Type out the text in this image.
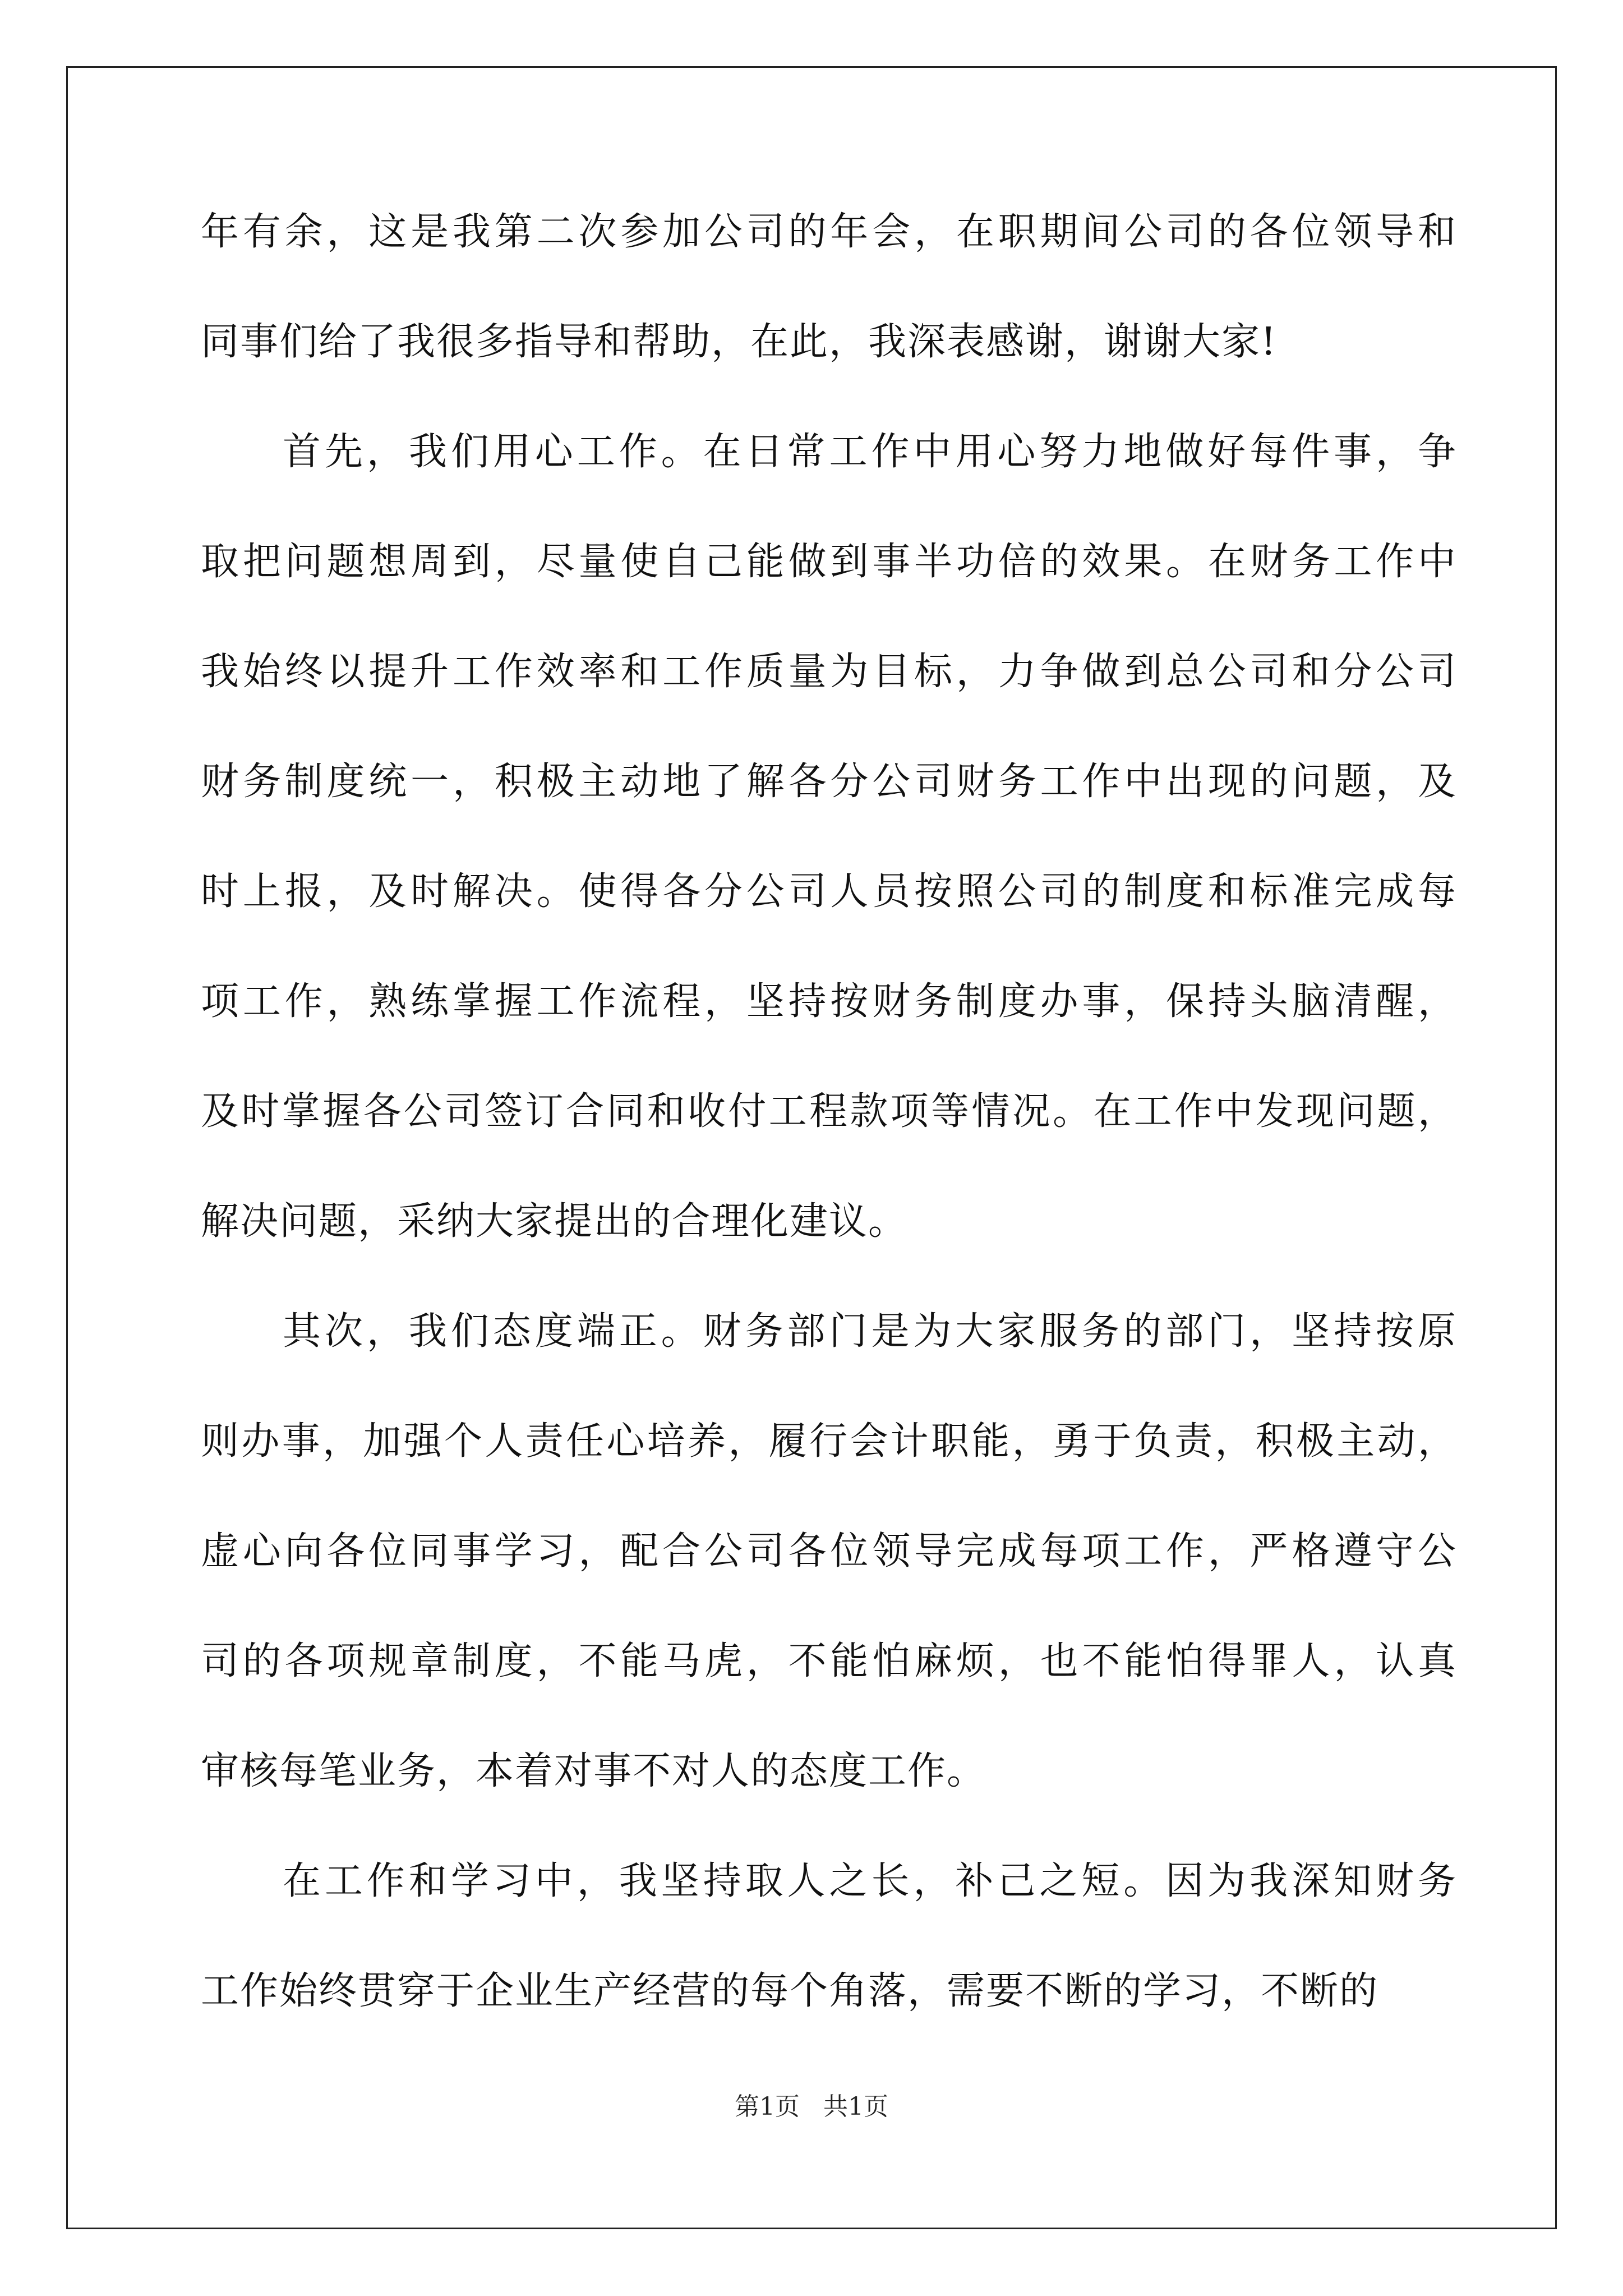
年有余，这是我第二次参加公司的年会，在职期间公司的各位领导和
同事们给了我很多指导和帮助，在此，我深表感谢，谢谢大家!
首先，我们用心工作。在日常工作中用心努力地做好每件事，争
取把问题想周到，尽量使自己能做到事半功倍的效果。在财务工作中
我始终以提升工作效率和工作质量为目标，力争做到总公司和分公司
财务制度统一，积极主动地了解各分公司财务工作中出现的问题，及
时上报，及时解决。使得各分公司人员按照公司的制度和标准完成每
项工作，熟练掌握工作流程，坚持按财务制度办事，保持头脑清醒，
及时掌握各公司签订合同和收付工程款项等情况。在工作中发现问题，
解决问题，采纳大家提出的合理化建议。
其次，我们态度端正。财务部门是为大家服务的部门，坚持按原
则办事，加强个人责任心培养，履行会计职能，勇于负责，积极主动，
虚心向各位同事学习，配合公司各位领导完成每项工作，严格遵守公
司的各项规章制度，不能马虎，不能怕麻烦，也不能怕得罪人，认真
审核每笔业务，本着对事不对人的态度工作。
在工作和学习中，我坚持取人之长，补己之短。因为我深知财务
工作始终贯穿于企业生产经营的每个角落，需要不断的学习，不断的
第1页 共1页
